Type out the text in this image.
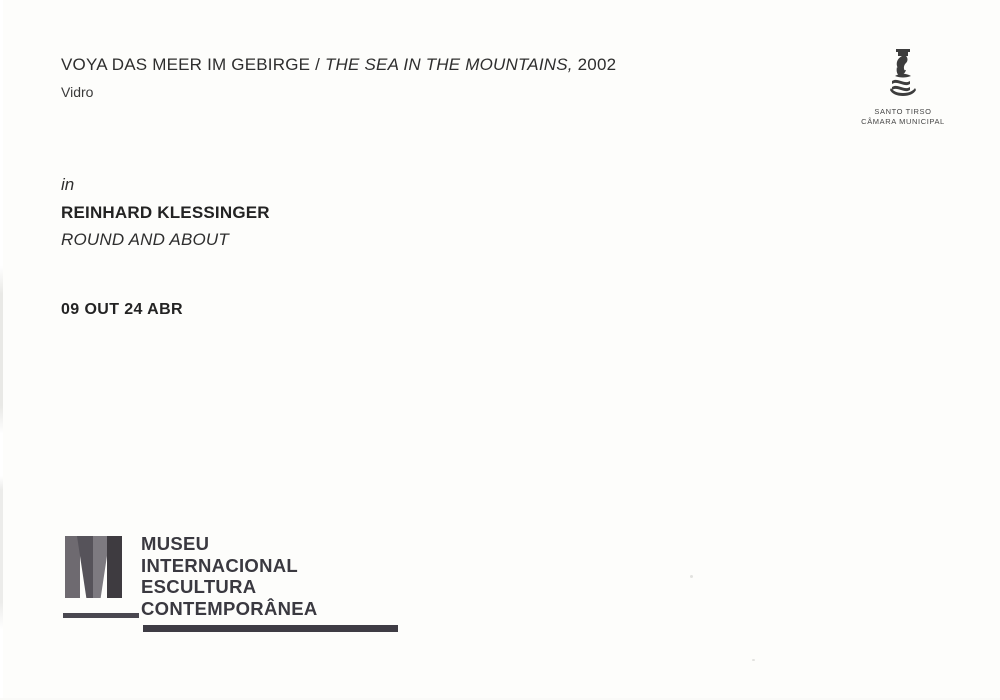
VOYA DAS MEER IM GEBIRGE / THE SEA IN THE MOUNTAINS, 2002
Vidro
SANTO TIRSO
CÂMARA MUNICIPAL
in
REINHARD KLESSINGER
ROUND AND ABOUT
09 OUT 24 ABR
MUSEU
INTERNACIONAL
ESCULTURA
CONTEMPORÂNEA
